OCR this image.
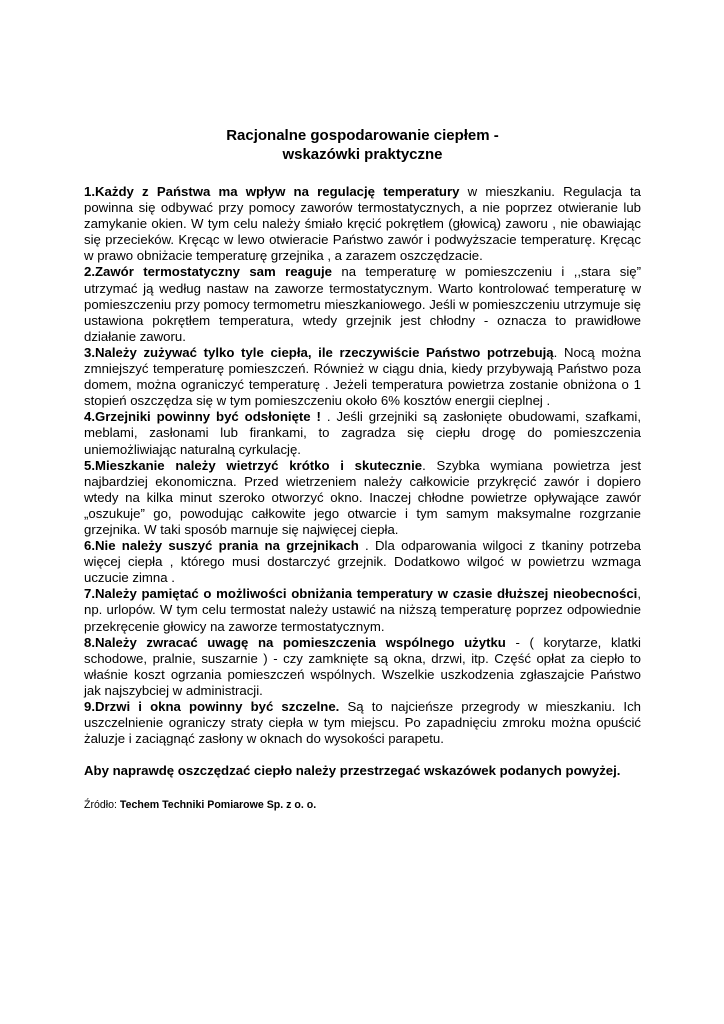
Racjonalne gospodarowanie ciepłem -
wskazówki praktyczne

1.Każdy z Państwa ma wpływ na regulację temperatury w mieszkaniu. Regulacja ta powinna się odbywać przy pomocy zaworów termostatycznych, a nie poprzez otwieranie lub zamykanie okien. W tym celu należy śmiało kręcić pokrętłem (głowicą) zaworu , nie obawiając się przecieków. Kręcąc w lewo otwieracie Państwo zawór i podwyższacie temperaturę. Kręcąc w prawo obniżacie temperaturę grzejnika , a zarazem oszczędzacie.

2.Zawór termostatyczny sam reaguje na temperaturę w pomieszczeniu i ,,stara się” utrzymać ją według nastaw na zaworze termostatycznym. Warto kontrolować temperaturę w pomieszczeniu przy pomocy termometru mieszkaniowego. Jeśli w pomieszczeniu utrzymuje się ustawiona pokrętłem temperatura, wtedy grzejnik jest chłodny - oznacza to prawidłowe działanie zaworu.

3.Należy zużywać tylko tyle ciepła, ile rzeczywiście Państwo potrzebują. Nocą można zmniejszyć temperaturę pomieszczeń. Również w ciągu dnia, kiedy przybywają Państwo poza domem, można ograniczyć temperaturę . Jeżeli temperatura powietrza zostanie obniżona o 1 stopień oszczędza się w tym pomieszczeniu około 6% kosztów energii cieplnej .

4.Grzejniki powinny być odsłonięte ! . Jeśli grzejniki są zasłonięte obudowami, szafkami, meblami, zasłonami lub firankami, to zagradza się ciepłu drogę do pomieszczenia uniemożliwiając naturalną cyrkulację.

5.Mieszkanie należy wietrzyć krótko i skutecznie. Szybka wymiana powietrza jest najbardziej ekonomiczna. Przed wietrzeniem należy całkowicie przykręcić zawór i dopiero wtedy na kilka minut szeroko otworzyć okno. Inaczej chłodne powietrze opływające zawór „oszukuje” go, powodując całkowite jego otwarcie i tym samym maksymalne rozgrzanie grzejnika. W taki sposób marnuje się najwięcej ciepła.

6.Nie należy suszyć prania na grzejnikach . Dla odparowania wilgoci z tkaniny potrzeba więcej ciepła , którego musi dostarczyć grzejnik. Dodatkowo wilgoć w powietrzu wzmaga uczucie zimna .

7.Należy pamiętać o możliwości obniżania temperatury w czasie dłuższej nieobecności, np. urlopów. W tym celu termostat należy ustawić na niższą temperaturę poprzez odpowiednie przekręcenie głowicy na zaworze termostatycznym.

8.Należy zwracać uwagę na pomieszczenia wspólnego użytku - ( korytarze, klatki schodowe, pralnie, suszarnie ) - czy zamknięte są okna, drzwi, itp. Część opłat za ciepło to właśnie koszt ogrzania pomieszczeń wspólnych. Wszelkie uszkodzenia zgłaszajcie Państwo jak najszybciej w administracji.

9.Drzwi i okna powinny być szczelne. Są to najcieńsze przegrody w mieszkaniu. Ich uszczelnienie ograniczy straty ciepła w tym miejscu. Po zapadnięciu zmroku można opuścić żaluzje i zaciągnąć zasłony w oknach do wysokości parapetu.

Aby naprawdę oszczędzać ciepło należy przestrzegać wskazówek podanych powyżej.

Źródło: Techem Techniki Pomiarowe Sp. z o. o.
